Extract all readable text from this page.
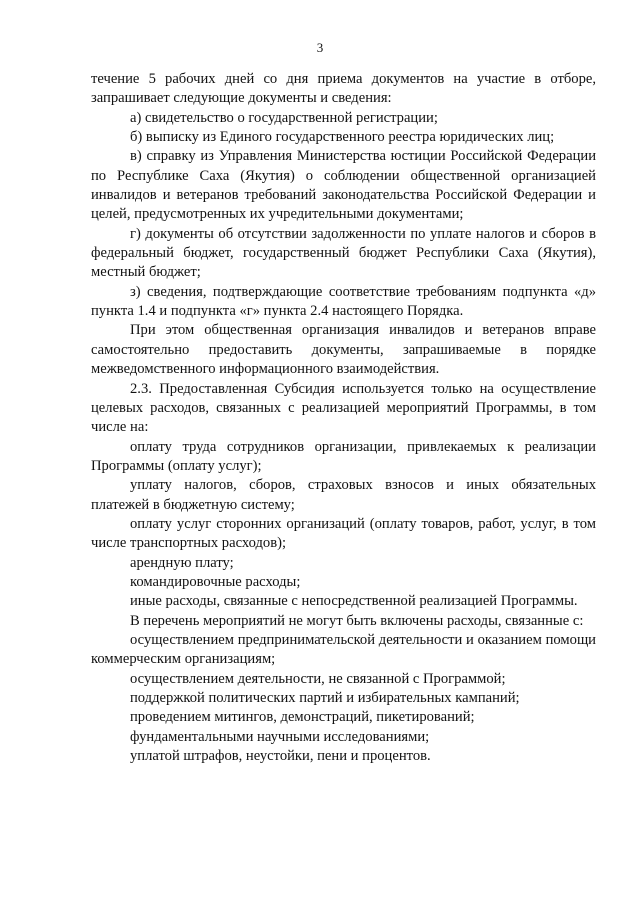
3

течение 5 рабочих дней со дня приема документов на участие в отборе, запрашивает следующие документы и сведения:

а) свидетельство о государственной регистрации;

б) выписку из Единого государственного реестра юридических лиц;

в) справку из Управления Министерства юстиции Российской Федерации по Республике Саха (Якутия) о соблюдении общественной организацией инвалидов и ветеранов требований законодательства Российской Федерации и целей, предусмотренных их учредительными документами;

г) документы об отсутствии задолженности по уплате налогов и сборов в федеральный бюджет, государственный бюджет Республики Саха (Якутия), местный бюджет;

з) сведения, подтверждающие соответствие требованиям подпункта «д» пункта 1.4 и подпункта «г» пункта 2.4 настоящего Порядка.

При этом общественная организация инвалидов и ветеранов вправе самостоятельно предоставить документы, запрашиваемые в порядке межведомственного информационного взаимодействия.

2.3. Предоставленная Субсидия используется только на осуществление целевых расходов, связанных с реализацией мероприятий Программы, в том числе на:

оплату труда сотрудников организации, привлекаемых к реализации Программы (оплату услуг);

уплату налогов, сборов, страховых взносов и иных обязательных платежей в бюджетную систему;

оплату услуг сторонних организаций (оплату товаров, работ, услуг, в том числе транспортных расходов);

арендную плату;

командировочные расходы;

иные расходы, связанные с непосредственной реализацией Программы.

В перечень мероприятий не могут быть включены расходы, связанные с:

осуществлением предпринимательской деятельности и оказанием помощи коммерческим организациям;

осуществлением деятельности, не связанной с Программой;

поддержкой политических партий и избирательных кампаний;

проведением митингов, демонстраций, пикетирований;

фундаментальными научными исследованиями;

уплатой штрафов, неустойки, пени и процентов.
